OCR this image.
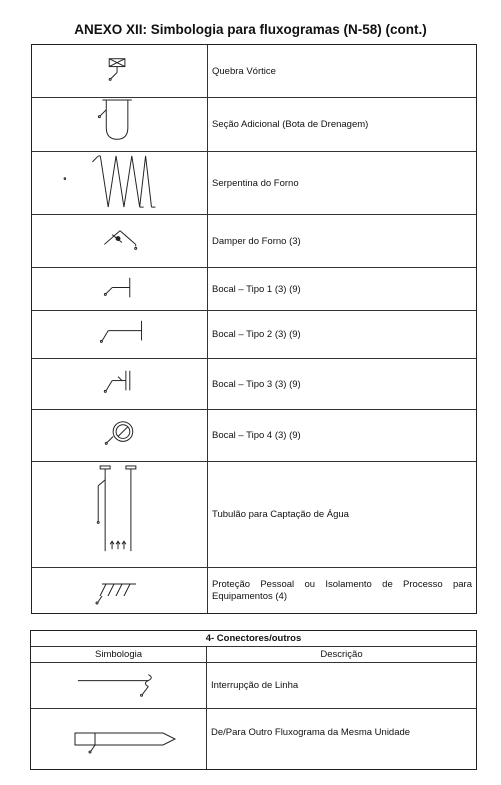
ANEXO XII: Simbologia para fluxogramas (N-58) (cont.)
Quebra Vórtice
Seção Adicional (Bota de Drenagem)
Serpentina do Forno
Damper do Forno (3)
Bocal – Tipo 1 (3) (9)
Bocal – Tipo 2 (3) (9)
Bocal – Tipo 3 (3) (9)
Bocal – Tipo 4 (3) (9)
Tubulão para Captação de Água
Proteção Pessoal ou Isolamento de Processo para Equipamentos (4)
4- Conectores/outros
Simbologia	Descrição
Interrupção de Linha
De/Para Outro Fluxograma da Mesma Unidade
